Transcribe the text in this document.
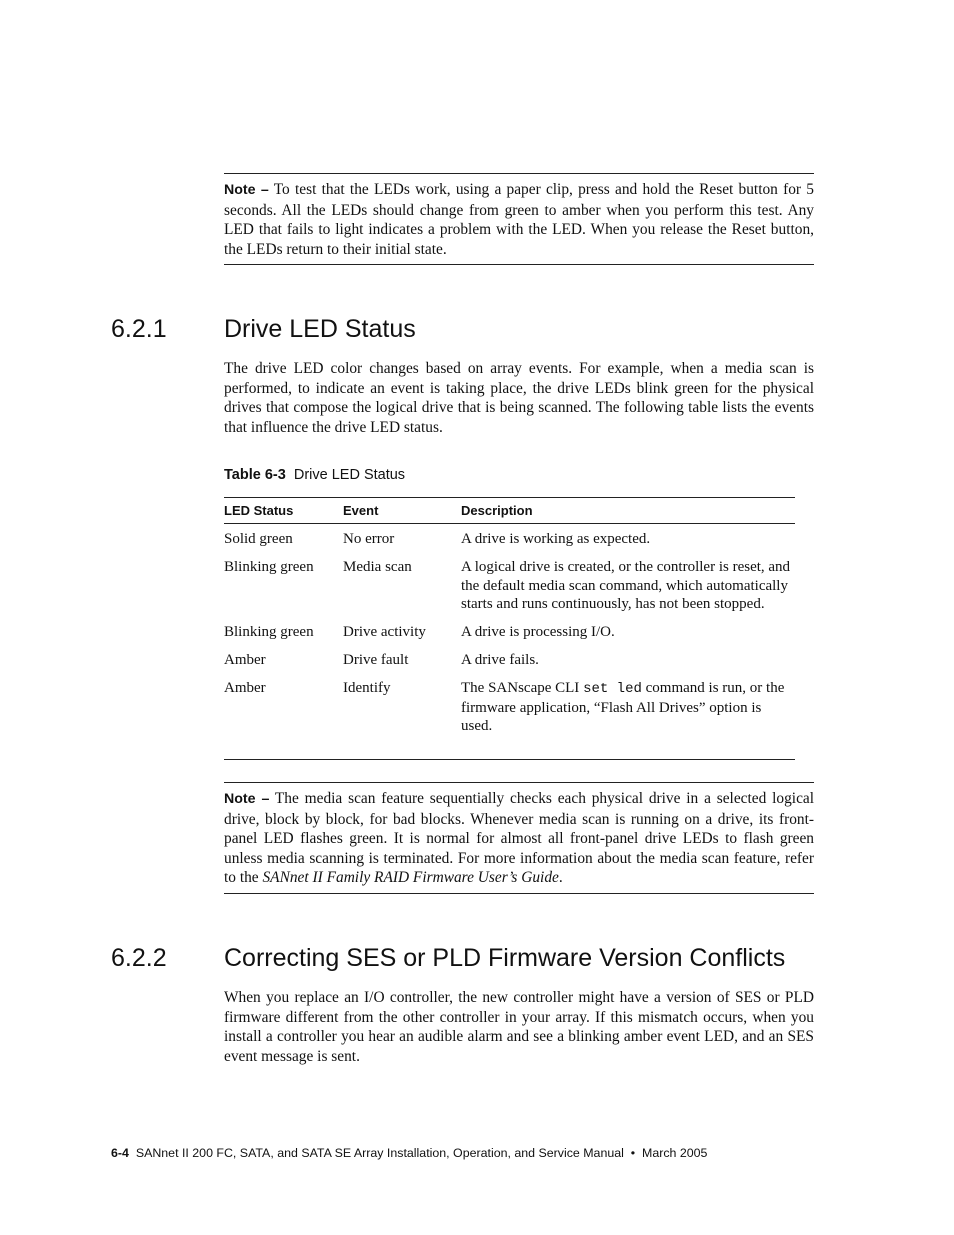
Note – To test that the LEDs work, using a paper clip, press and hold the Reset button for 5 seconds. All the LEDs should change from green to amber when you perform this test. Any LED that fails to light indicates a problem with the LED. When you release the Reset button, the LEDs return to their initial state.

6.2.1 Drive LED Status

The drive LED color changes based on array events. For example, when a media scan is performed, to indicate an event is taking place, the drive LEDs blink green for the physical drives that compose the logical drive that is being scanned. The following table lists the events that influence the drive LED status.

Table 6-3 Drive LED Status

LED Status	Event	Description
Solid green	No error	A drive is working as expected.
Blinking green	Media scan	A logical drive is created, or the controller is reset, and the default media scan command, which automatically starts and runs continuously, has not been stopped.
Blinking green	Drive activity	A drive is processing I/O.
Amber	Drive fault	A drive fails.
Amber	Identify	The SANscape CLI set led command is run, or the firmware application, “Flash All Drives” option is used.

Note – The media scan feature sequentially checks each physical drive in a selected logical drive, block by block, for bad blocks. Whenever media scan is running on a drive, its front-panel LED flashes green. It is normal for almost all front-panel drive LEDs to flash green unless media scanning is terminated. For more information about the media scan feature, refer to the SANnet II Family RAID Firmware User’s Guide.

6.2.2 Correcting SES or PLD Firmware Version Conflicts

When you replace an I/O controller, the new controller might have a version of SES or PLD firmware different from the other controller in your array. If this mismatch occurs, when you install a controller you hear an audible alarm and see a blinking amber event LED, and an SES event message is sent.

6-4 SANnet II 200 FC, SATA, and SATA SE Array Installation, Operation, and Service Manual • March 2005
